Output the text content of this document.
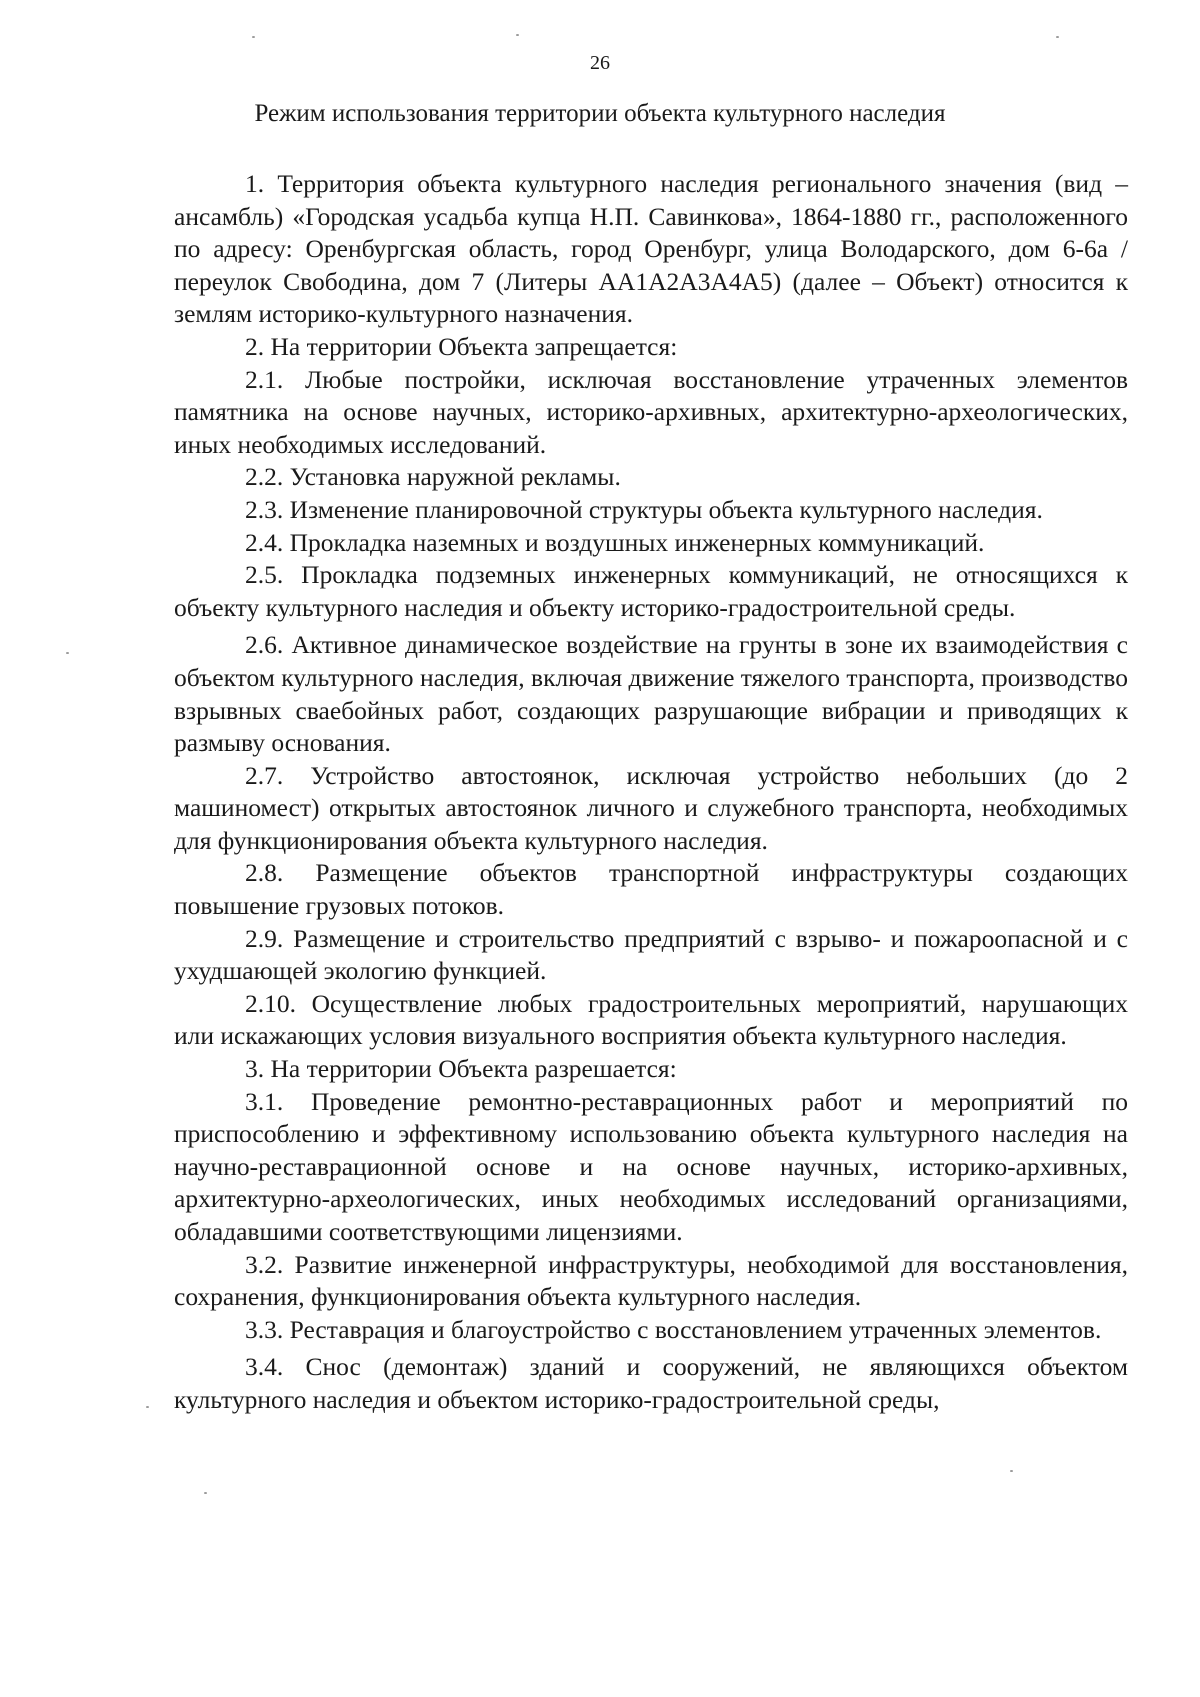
26
Режим использования территории объекта культурного наследия

1. Территория объекта культурного наследия регионального значения (вид – ансамбль) «Городская усадьба купца Н.П. Савинкова», 1864-1880 гг., расположенного по адресу: Оренбургская область, город Оренбург, улица Володарского, дом 6-6а / переулок Свободина, дом 7 (Литеры АА1А2А3А4А5) (далее – Объект) относится к землям историко-культурного назначения.

2. На территории Объекта запрещается:

2.1. Любые постройки, исключая восстановление утраченных элементов памятника на основе научных, историко-архивных, архитектурно-археологических, иных необходимых исследований.

2.2. Установка наружной рекламы.

2.3. Изменение планировочной структуры объекта культурного наследия.

2.4. Прокладка наземных и воздушных инженерных коммуникаций.

2.5. Прокладка подземных инженерных коммуникаций, не относящихся к объекту культурного наследия и объекту историко-градостроительной среды.

2.6. Активное динамическое воздействие на грунты в зоне их взаимодействия с объектом культурного наследия, включая движение тяжелого транспорта, производство взрывных сваебойных работ, создающих разрушающие вибрации и приводящих к размыву основания.

2.7. Устройство автостоянок, исключая устройство небольших (до 2 машиномест) открытых автостоянок личного и служебного транспорта, необходимых для функционирования объекта культурного наследия.

2.8. Размещение объектов транспортной инфраструктуры создающих повышение грузовых потоков.

2.9. Размещение и строительство предприятий с взрыво- и пожароопасной и с ухудшающей экологию функцией.

2.10. Осуществление любых градостроительных мероприятий, нарушающих или искажающих условия визуального восприятия объекта культурного наследия.

3. На территории Объекта разрешается:

3.1. Проведение ремонтно-реставрационных работ и мероприятий по приспособлению и эффективному использованию объекта культурного наследия на научно-реставрационной основе и на основе научных, историко-архивных, архитектурно-археологических, иных необходимых исследований организациями, обладавшими соответствующими лицензиями.

3.2. Развитие инженерной инфраструктуры, необходимой для восстановления, сохранения, функционирования объекта культурного наследия.

3.3. Реставрация и благоустройство с восстановлением утраченных элементов.

3.4. Снос (демонтаж) зданий и сооружений, не являющихся объектом культурного наследия и объектом историко-градостроительной среды,
